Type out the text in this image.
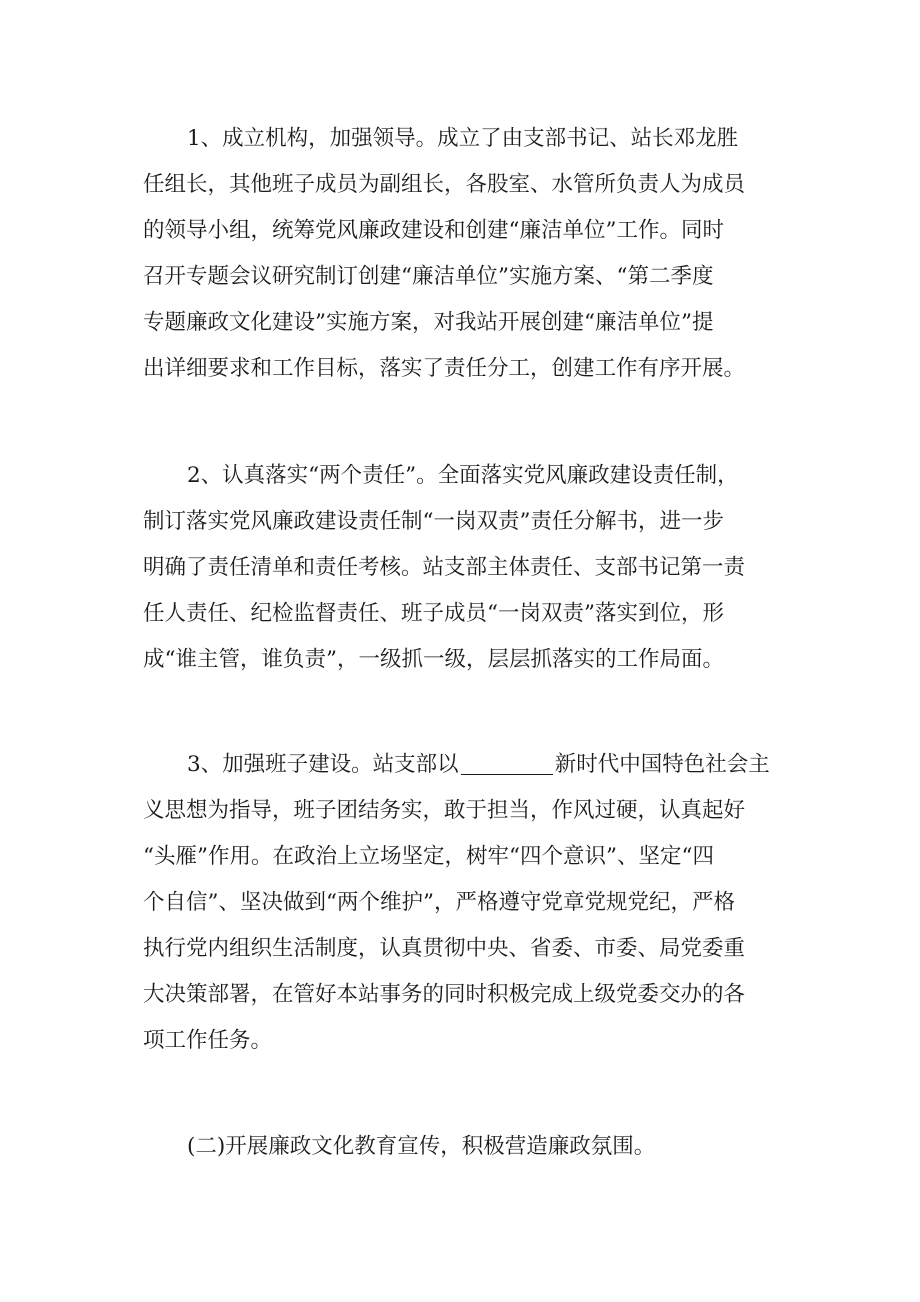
1、成立机构，加强领导。成立了由支部书记、站长邓龙胜
任组长，其他班子成员为副组长，各股室、水管所负责人为成员
的领导小组，统筹党风廉政建设和创建“廉洁单位”工作。同时
召开专题会议研究制订创建“廉洁单位”实施方案、“第二季度
专题廉政文化建设”实施方案，对我站开展创建“廉洁单位”提
出详细要求和工作目标，落实了责任分工，创建工作有序开展。
2、认真落实“两个责任”。全面落实党风廉政建设责任制，
制订落实党风廉政建设责任制“一岗双责”责任分解书，进一步
明确了责任清单和责任考核。站支部主体责任、支部书记第一责
任人责任、纪检监督责任、班子成员“一岗双责”落实到位，形
成“谁主管，谁负责”，一级抓一级，层层抓落实的工作局面。
3、加强班子建设。站支部以	新时代中国特色社会主
义思想为指导，班子团结务实，敢于担当，作风过硬，认真起好
“头雁”作用。在政治上立场坚定，树牢“四个意识”、坚定“四
个自信”、坚决做到“两个维护”，严格遵守党章党规党纪，严格
执行党内组织生活制度，认真贯彻中央、省委、市委、局党委重
大决策部署，在管好本站事务的同时积极完成上级党委交办的各
项工作任务。
(二)开展廉政文化教育宣传，积极营造廉政氛围。
